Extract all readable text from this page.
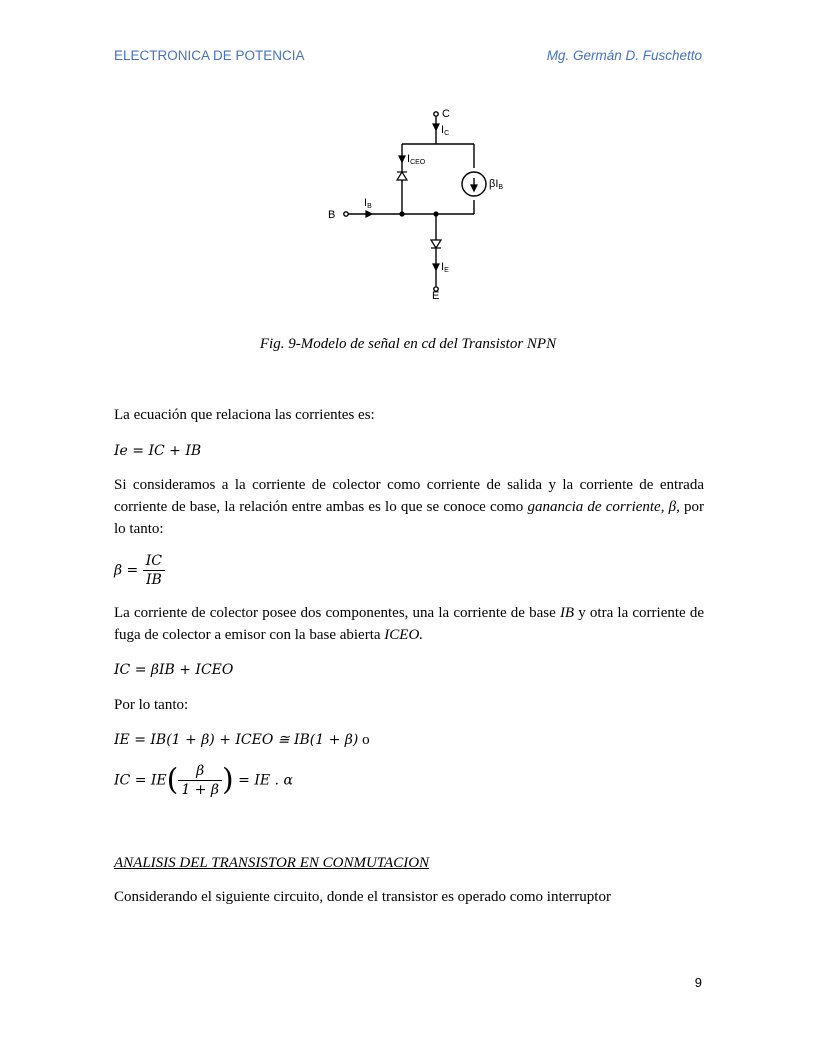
ELECTRONICA DE POTENCIA	Mg. Germán D. Fuschetto
C
IC
ICEO
βIB
B
IB
IE
E
Fig. 9-Modelo de señal en cd del Transistor NPN
La ecuación que relaciona las corrientes es:
Ie = IC + IB
Si consideramos a la corriente de colector como corriente de salida y la corriente de entrada corriente de base, la relación entre ambas es lo que se conoce como ganancia de corriente, β, por lo tanto:
$\beta = \frac{IC}{IB}$
La corriente de colector posee dos componentes, una la corriente de base IB y otra la corriente de fuga de colector a emisor con la base abierta ICEO.
IC = βIB + ICEO
Por lo tanto:
IE = IB(1 + β) + ICEO ≅ IB(1 + β) o
IC = $IE( \frac{\beta}{1 + \beta}$ ) = IE . α
ANALISIS DEL TRANSISTOR EN CONMUTACION
Considerando el siguiente circuito, donde el transistor es operado como interruptor
9
